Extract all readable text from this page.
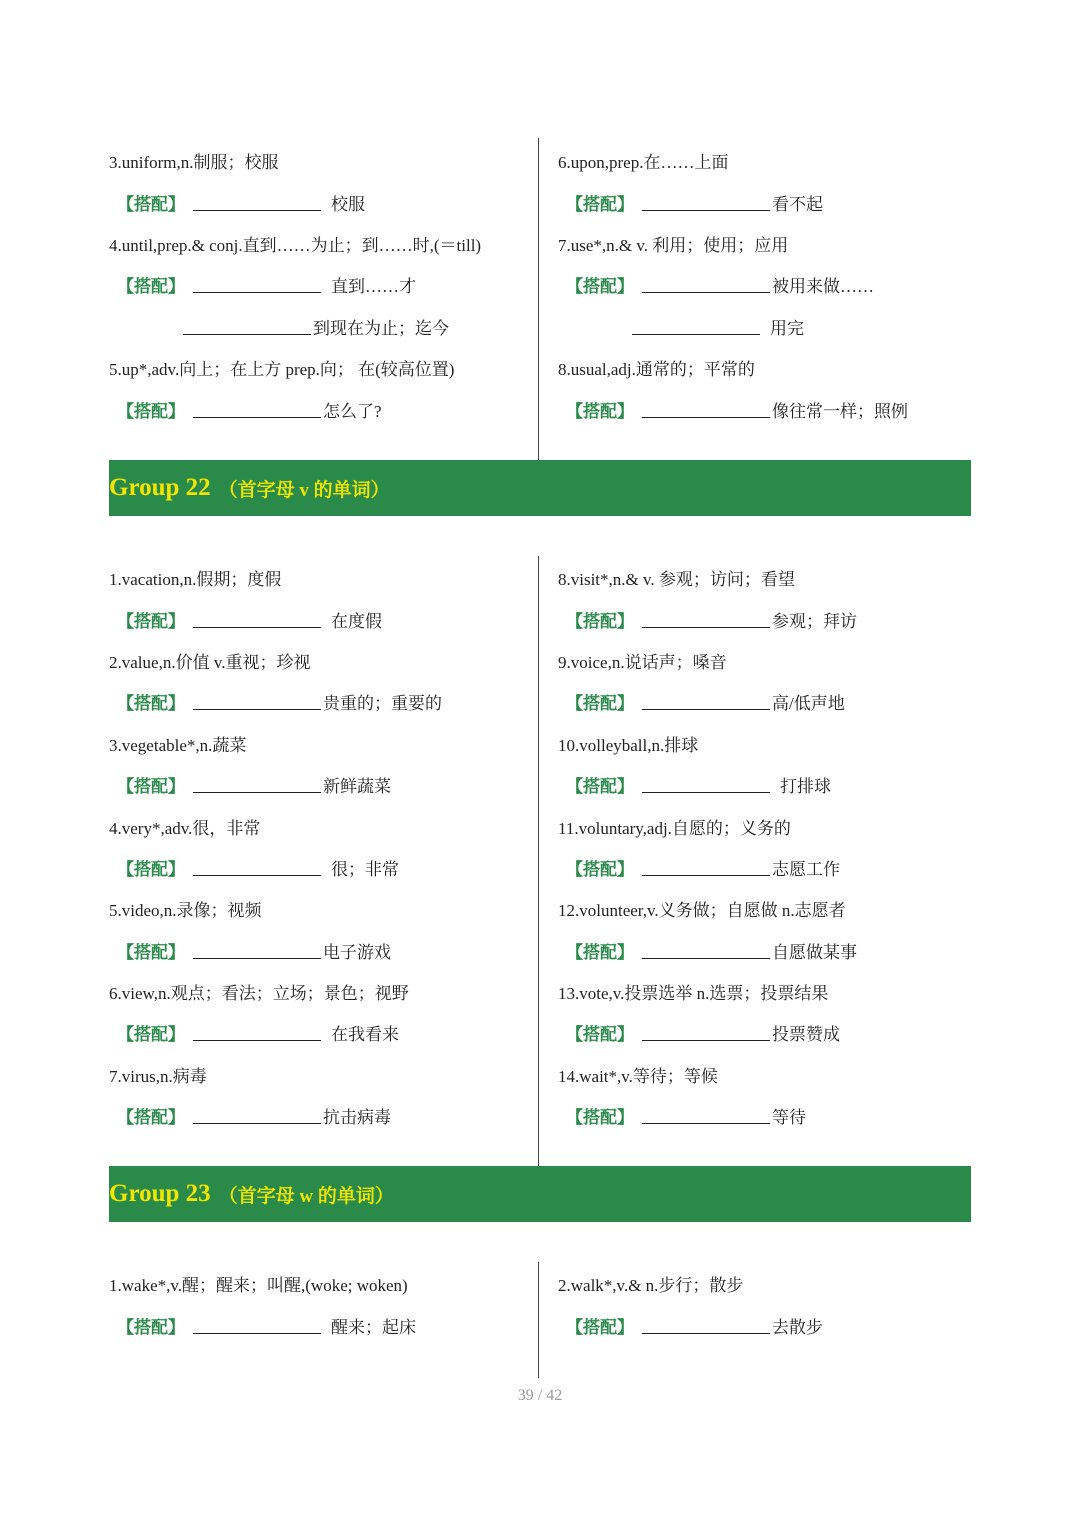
3.uniform,n.制服；校服
【搭配】	校服
4.until,prep.& conj.直到……为止；到……时,(＝till)
【搭配】	直到……才
到现在为止；迄今
5.up*,adv.向上；在上方 prep.向； 在(较高位置)
【搭配】	怎么了?
6.upon,prep.在……上面
【搭配】	看不起
7.use*,n.& v. 利用；使用；应用
【搭配】	被用来做……
用完
8.usual,adj.通常的；平常的
【搭配】	像往常一样；照例
Group 22 （首字母 v 的单词）
1.vacation,n.假期；度假
【搭配】	在度假
2.value,n.价值 v.重视；珍视
【搭配】	贵重的；重要的
3.vegetable*,n.蔬菜
【搭配】	新鲜蔬菜
4.very*,adv.很，非常
【搭配】	很；非常
5.video,n.录像；视频
【搭配】	电子游戏
6.view,n.观点；看法；立场；景色；视野
【搭配】	在我看来
7.virus,n.病毒
【搭配】	抗击病毒
8.visit*,n.& v. 参观；访问；看望
【搭配】	参观；拜访
9.voice,n.说话声；嗓音
【搭配】	高/低声地
10.volleyball,n.排球
【搭配】	打排球
11.voluntary,adj.自愿的；义务的
【搭配】	志愿工作
12.volunteer,v.义务做；自愿做 n.志愿者
【搭配】	自愿做某事
13.vote,v.投票选举 n.选票；投票结果
【搭配】	投票赞成
14.wait*,v.等待；等候
【搭配】	等待
Group 23 （首字母 w 的单词）
1.wake*,v.醒；醒来；叫醒,(woke; woken)
【搭配】	醒来；起床
2.walk*,v.& n.步行；散步
【搭配】	去散步
39 / 42
